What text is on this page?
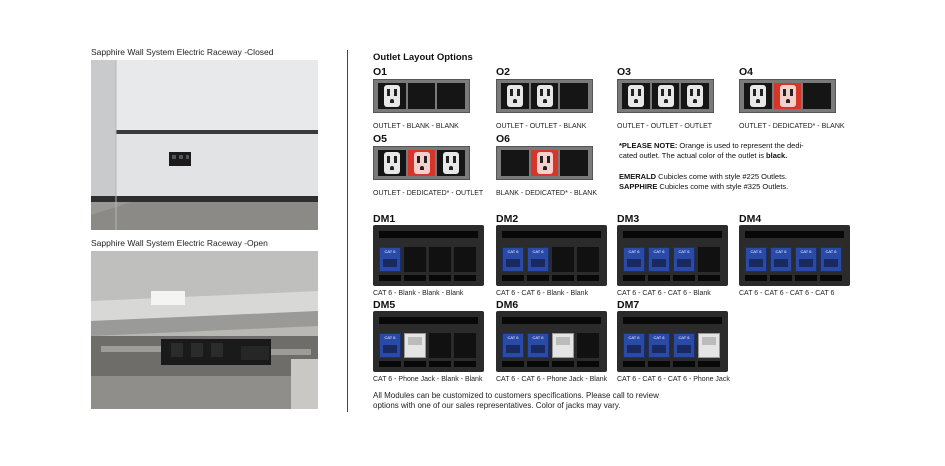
Sapphire Wall System Electric Raceway -Closed
Sapphire Wall System Electric Raceway -Open
Outlet Layout Options
O1
OUTLET - BLANK - BLANK
O2
OUTLET - OUTLET - BLANK
O3
OUTLET - OUTLET - OUTLET
O4
OUTLET - DEDICATED* - BLANK
O5
OUTLET - DEDICATED* - OUTLET
O6
BLANK - DEDICATED* - BLANK
*PLEASE NOTE: Orange is used to represent the dedi-
cated outlet. The actual color of the outlet is black.
EMERALD Cubicles come with style #225 Outlets.
SAPPHIRE Cubicles come with style #325 Outlets.
DM1
CAT 6
CAT 6 - Blank - Blank - Blank
DM2
CAT 6	CAT 6
CAT 6 - CAT 6 - Blank - Blank
DM3
CAT 6	CAT 6	CAT 6
CAT 6 - CAT 6 - CAT 6 - Blank
DM4
CAT 6	CAT 6	CAT 6	CAT 6
CAT 6 - CAT 6 - CAT 6 - CAT 6
DM5
CAT 6
CAT 6 - Phone Jack - Blank - Blank
DM6
CAT 6	CAT 6
CAT 6 - CAT 6 - Phone Jack - Blank
DM7
CAT 6	CAT 6	CAT 6
CAT 6 - CAT 6 - CAT 6 - Phone Jack
All Modules can be customized to customers specifications. Please call to review
options with one of our sales representatives. Color of jacks may vary.
